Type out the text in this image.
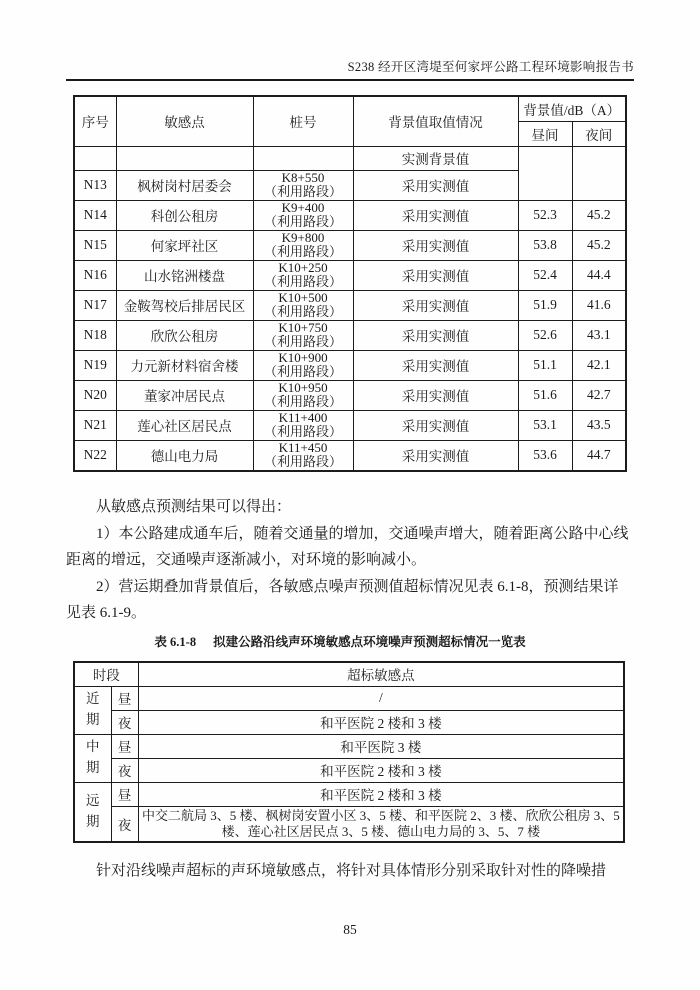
S238 经开区湾堤至何家坪公路工程环境影响报告书
序号	敏感点	桩号	背景值取值情况	背景值/dB（A）	
				昼间	夜间
			实测背景值		
N13	枫树岗村居委会	K8+550
（利用路段）	采用实测值		
N14	科创公租房	K9+400
（利用路段）	采用实测值	52.3	45.2
N15	何家坪社区	K9+800
（利用路段）	采用实测值	53.8	45.2
N16	山水铭洲楼盘	K10+250
（利用路段）	采用实测值	52.4	44.4
N17	金鞍驾校后排居民区	K10+500
（利用路段）	采用实测值	51.9	41.6
N18	欣欣公租房	K10+750
（利用路段）	采用实测值	52.6	43.1
N19	力元新材料宿舍楼	K10+900
（利用路段）	采用实测值	51.1	42.1
N20	董家冲居民点	K10+950
（利用路段）	采用实测值	51.6	42.7
N21	莲心社区居民点	K11+400
（利用路段）	采用实测值	53.1	43.5
N22	德山电力局	K11+450
（利用路段）	采用实测值	53.6	44.7
从敏感点预测结果可以得出：
1）本公路建成通车后，随着交通量的增加，交通噪声增大，随着距离公路中心线
距离的增远，交通噪声逐渐减小，对环境的影响减小。
2）营运期叠加背景值后，各敏感点噪声预测值超标情况见表 6.1-8，预测结果详
见表 6.1-9。
表 6.1-8 拟建公路沿线声环境敏感点环境噪声预测超标情况一览表
时段		超标敏感点
近期	昼	/
	夜	和平医院 2 楼和 3 楼
中期	昼	和平医院 3 楼
	夜	和平医院 2 楼和 3 楼
远期	昼	和平医院 2 楼和 3 楼
	夜	中交二航局 3、5 楼、枫树岗安置小区 3、5 楼、和平医院 2、3 楼、欣欣公租房 3、5 楼、莲心社区居民点 3、5 楼、德山电力局的 3、5、7 楼
针对沿线噪声超标的声环境敏感点，将针对具体情形分别采取针对性的降噪措
85
